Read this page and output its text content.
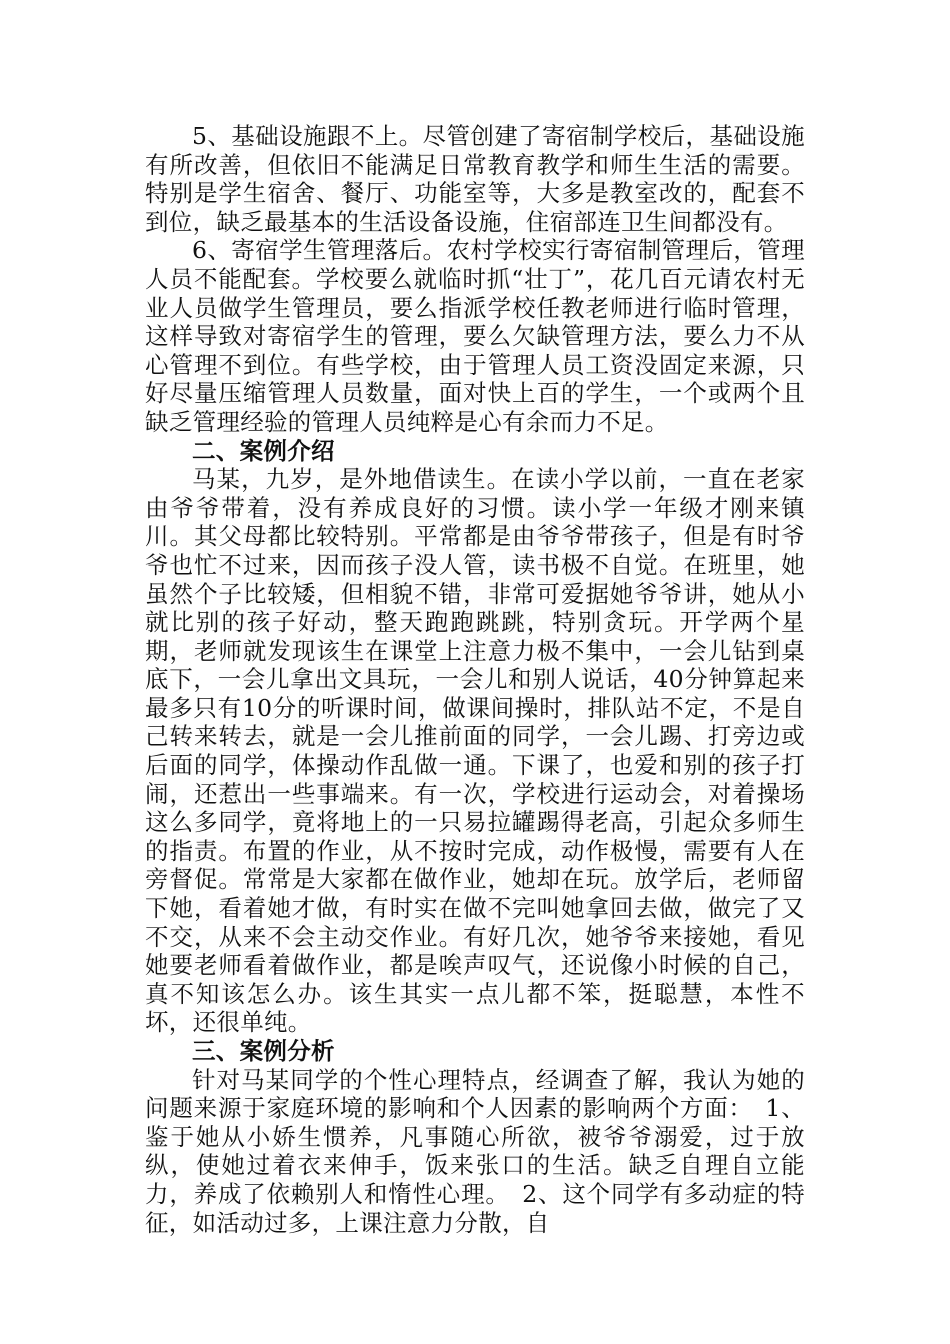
5、基础设施跟不上。尽管创建了寄宿制学校后，基础设施有所改善，但依旧不能满足日常教育教学和师生生活的需要。特别是学生宿舍、餐厅、功能室等，大多是教室改的，配套不到位，缺乏最基本的生活设备设施，住宿部连卫生间都没有。

6、寄宿学生管理落后。农村学校实行寄宿制管理后，管理人员不能配套。学校要么就临时抓“壮丁”，花几百元请农村无业人员做学生管理员，要么指派学校任教老师进行临时管理，这样导致对寄宿学生的管理，要么欠缺管理方法，要么力不从心管理不到位。有些学校，由于管理人员工资没固定来源，只好尽量压缩管理人员数量，面对快上百的学生，一个或两个且缺乏管理经验的管理人员纯粹是心有余而力不足。

二、案例介绍

马某，九岁，是外地借读生。在读小学以前，一直在老家由爷爷带着，没有养成良好的习惯。读小学一年级才刚来镇川。其父母都比较特别。平常都是由爷爷带孩子，但是有时爷爷也忙不过来，因而孩子没人管，读书极不自觉。在班里，她虽然个子比较矮，但相貌不错，非常可爱据她爷爷讲，她从小就比别的孩子好动，整天跑跑跳跳，特别贪玩。开学两个星期，老师就发现该生在课堂上注意力极不集中，一会儿钻到桌底下，一会儿拿出文具玩，一会儿和别人说话，40分钟算起来最多只有10分的听课时间，做课间操时，排队站不定，不是自己转来转去，就是一会儿推前面的同学，一会儿踢、打旁边或后面的同学，体操动作乱做一通。下课了，也爱和别的孩子打闹，还惹出一些事端来。有一次，学校进行运动会，对着操场这么多同学，竟将地上的一只易拉罐踢得老高，引起众多师生的指责。布置的作业，从不按时完成，动作极慢，需要有人在旁督促。常常是大家都在做作业，她却在玩。放学后，老师留下她，看着她才做，有时实在做不完叫她拿回去做，做完了又不交，从来不会主动交作业。有好几次，她爷爷来接她，看见她要老师看着做作业，都是唉声叹气，还说像小时候的自己，真不知该怎么办。该生其实一点儿都不笨，挺聪慧，本性不坏，还很单纯。

三、案例分析

针对马某同学的个性心理特点，经调查了解，我认为她的问题来源于家庭环境的影响和个人因素的影响两个方面：　1、鉴于她从小娇生惯养，凡事随心所欲，被爷爷溺爱，过于放纵，使她过着衣来伸手，饭来张口的生活。缺乏自理自立能力，养成了依赖别人和惰性心理。　2、这个同学有多动症的特征，如活动过多，上课注意力分散，自
